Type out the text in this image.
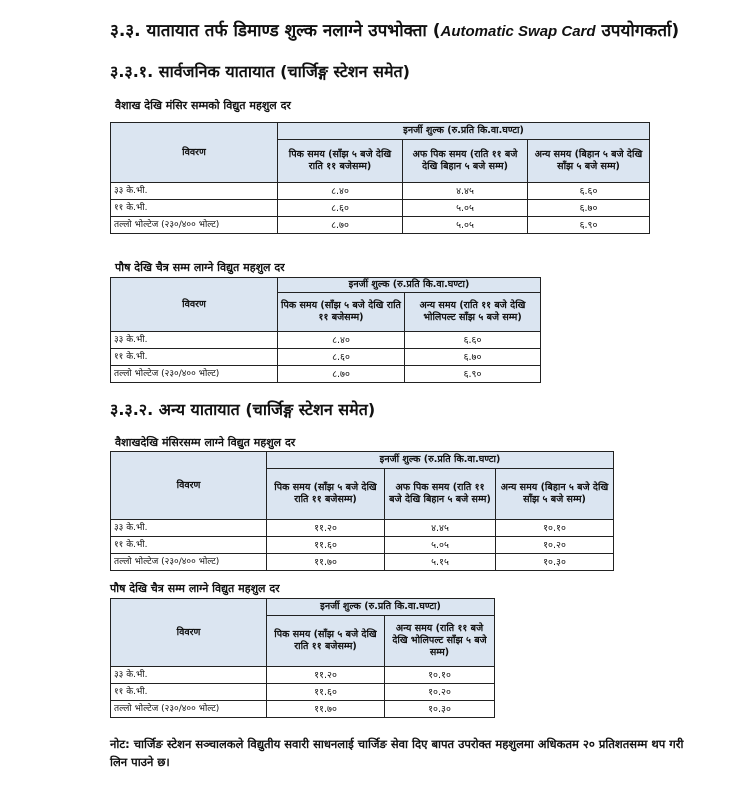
३.३. यातायात तर्फ डिमाण्ड शुल्क नलाग्ने उपभोक्ता (Automatic Swap Card उपयोगकर्ता)
३.३.१. सार्वजनिक यातायात (चार्जिङ्ग स्टेशन समेत)
वैशाख देखि मंसिर सम्मको विद्युत महशुल दर
विवरण	इनर्जी शुल्क (रु.प्रति कि.वा.घण्टा)		
	पिक समय (साँझ ५ बजे देखि राति ११ बजेसम्म)	अफ पिक समय (राति ११ बजे देखि बिहान ५ बजे सम्म)	अन्य समय (बिहान ५ बजे देखि साँझ ५ बजे सम्म)
३३ के.भी.	८.४०	४.४५	६.६०
११ के.भी.	८.६०	५.०५	६.७०
तल्लो भोल्टेज (२३०/४०० भोल्ट)	८.७०	५.०५	६.९०
पौष देखि चैत्र सम्म लाग्ने विद्युत महशुल दर
विवरण	इनर्जी शुल्क (रु.प्रति कि.वा.घण्टा)	
	पिक समय (साँझ ५ बजे देखि राति ११ बजेसम्म)	अन्य समय (राति ११ बजे देखि भोलिपल्ट साँझ ५ बजे सम्म)
३३ के.भी.	८.४०	६.६०
११ के.भी.	८.६०	६.७०
तल्लो भोल्टेज (२३०/४०० भोल्ट)	८.७०	६.९०
३.३.२. अन्य यातायात (चार्जिङ्ग स्टेशन समेत)
वैशाखदेखि मंसिरसम्म लाग्ने विद्युत महशुल दर
विवरण	इनर्जी शुल्क (रु.प्रति कि.वा.घण्टा)		
	पिक समय (साँझ ५ बजे देखि राति ११ बजेसम्म)	अफ पिक समय (राति ११ बजे देखि बिहान ५ बजे सम्म)	अन्य समय (बिहान ५ बजे देखि साँझ ५ बजे सम्म)
३३ के.भी.	११.२०	४.४५	१०.१०
११ के.भी.	११.६०	५.०५	१०.२०
तल्लो भोल्टेज (२३०/४०० भोल्ट)	११.७०	५.१५	१०.३०
पौष देखि चैत्र सम्म लाग्ने विद्युत महशुल दर
विवरण	इनर्जी शुल्क (रु.प्रति कि.वा.घण्टा)	
	पिक समय (साँझ ५ बजे देखि राति ११ बजेसम्म)	अन्य समय (राति ११ बजे देखि भोलिपल्ट साँझ ५ बजे सम्म)
३३ के.भी.	११.२०	१०.१०
११ के.भी.	११.६०	१०.२०
तल्लो भोल्टेज (२३०/४०० भोल्ट)	११.७०	१०.३०
नोट: चार्जिङ स्टेशन सञ्चालकले विद्युतीय सवारी साधनलाई चार्जिङ सेवा दिए बापत उपरोक्त महशुलमा अधिकतम २० प्रतिशतसम्म थप गरी लिन पाउने छ।
